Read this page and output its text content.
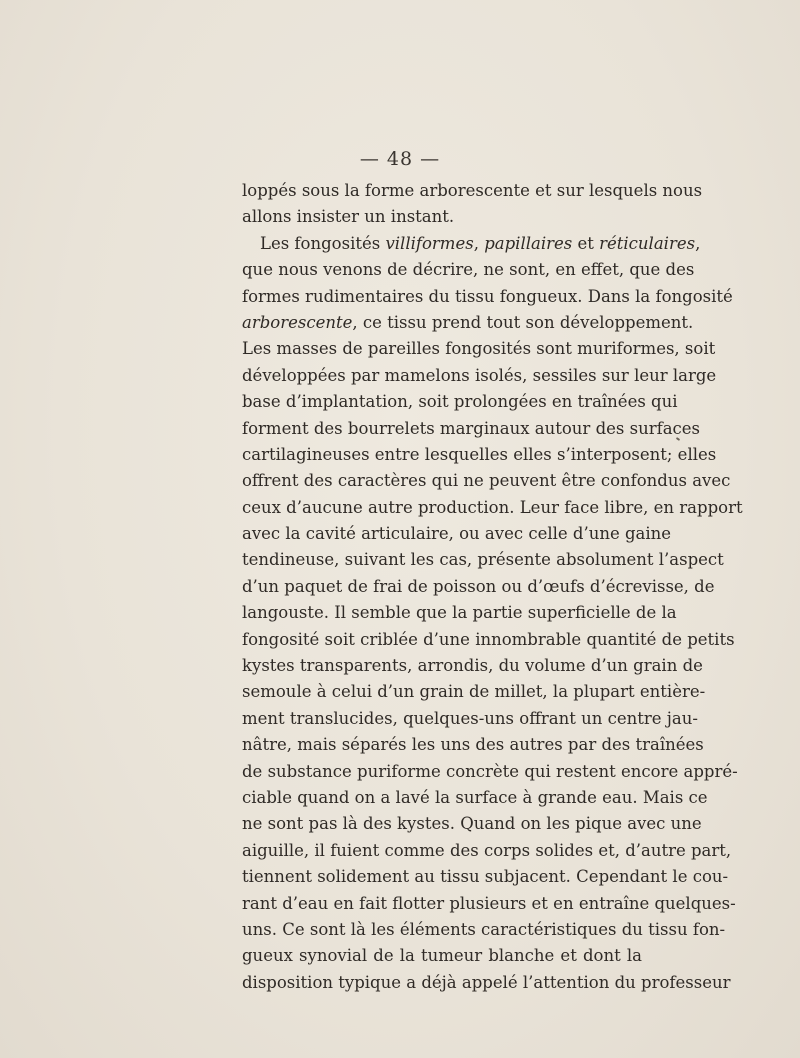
— 48 —
loppés sous la forme arborescente et sur lesquels nous
allons insister un instant.
Les fongosités villiformes, papillaires et réticulaires,
que nous venons de décrire, ne sont, en effet, que des
formes rudimentaires du tissu fongueux. Dans la fongosité
arborescente, ce tissu prend tout son développement.
Les masses de pareilles fongosités sont muriformes, soit
développées par mamelons isolés, sessiles sur leur large
base d’implantation, soit prolongées en traînées qui
forment des bourrelets marginaux autour des surfaces
cartilagineuses entre lesquelles elles s’interposent; elles
offrent des caractères qui ne peuvent être confondus avec
ceux d’aucune autre production. Leur face libre, en rapport
avec la cavité articulaire, ou avec celle d’une gaine
tendineuse, suivant les cas, présente absolument l’aspect
d’un paquet de frai de poisson ou d’œufs d’écrevisse, de
langouste. Il semble que la partie superficielle de la
fongosité soit criblée d’une innombrable quantité de petits
kystes transparents, arrondis, du volume d’un grain de
semoule à celui d’un grain de millet, la plupart entière-
ment translucides, quelques-uns offrant un centre jau-
nâtre, mais séparés les uns des autres par des traînées
de substance puriforme concrète qui restent encore appré-
ciable quand on a lavé la surface à grande eau. Mais ce
ne sont pas là des kystes. Quand on les pique avec une
aiguille, il fuient comme des corps solides et, d’autre part,
tiennent solidement au tissu subjacent. Cependant le cou-
rant d’eau en fait flotter plusieurs et en entraîne quelques-
uns. Ce sont là les éléments caractéristiques du tissu fon-
gueux synovial de la tumeur blanche et dont la
disposition typique a déjà appelé l’attention du professeur
